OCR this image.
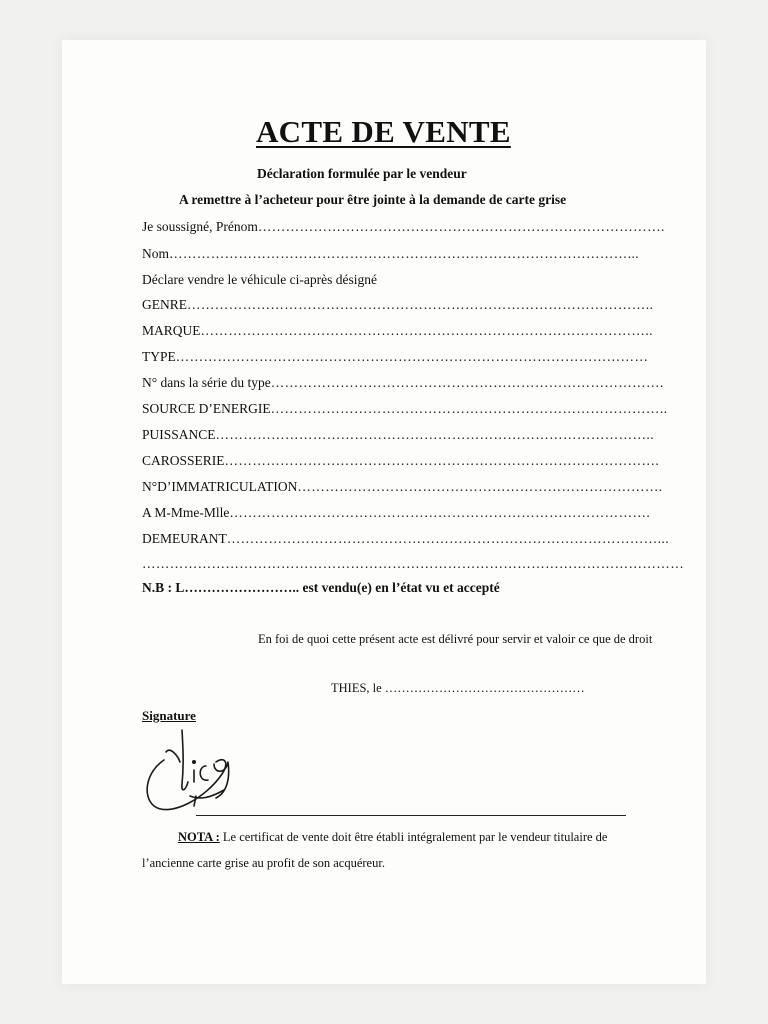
ACTE DE VENTE
Déclaration formulée par le vendeur
A remettre à l’acheteur pour être jointe à la demande de carte grise
Je soussigné, Prénom …………………………………………………………………………….
Nom ………………………………………………………………………………………...
Déclare vendre le véhicule ci-après désigné
GENRE ………………………………………………………………………………………..
MARQUE ……………………………………………………………………………………..
TYPE …………………………………………………………………………………………
N° dans la série du type ………………………………………………………………………….
SOURCE D’ENERGIE …………………………………………………………………………..
PUISSANCE …………………………………………………………………………………..
CAROSSERIE ………………………………………………………………………………….
N°D’IMMATRICULATION …………………………………………………………………….
A M-Mme-Mlle ……………………………………………………………………………….
DEMEURANT …………………………………………………………………………………...
………………………………………………………………………………………………………
N.B : L…………………….. est vendu(e) en l’état vu et accepté
En foi de quoi cette présent acte est délivré pour servir et valoir ce que de droit
THIES, le …………………………………………
Signature
NOTA : Le certificat de vente doit être établi intégralement par le vendeur titulaire de
l’ancienne carte grise au profit de son acquéreur.
